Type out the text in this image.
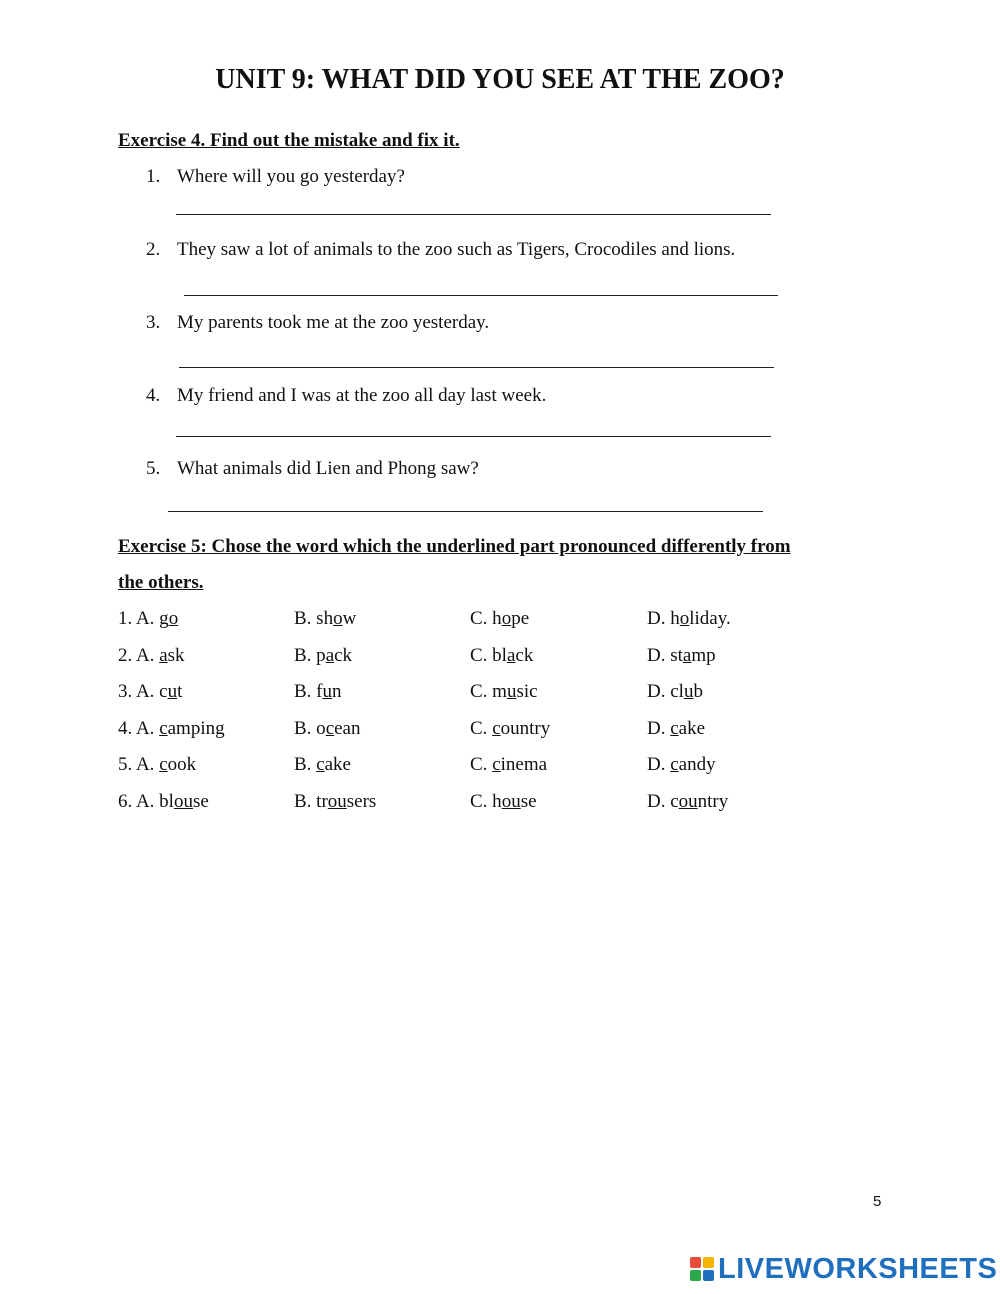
UNIT 9: WHAT DID YOU SEE AT THE ZOO?
Exercise 4. Find out the mistake and fix it.
1. Where will you go yesterday?
2. They saw a lot of animals to the zoo such as Tigers, Crocodiles and lions.
3. My parents took me at the zoo yesterday.
4. My friend and I was at the zoo all day last week.
5. What animals did Lien and Phong saw?
Exercise 5: Chose the word which the underlined part pronounced differently from
the others.
1. A. go	B. show	C. hope	D. holiday.
2. A. ask	B. pack	C. black	D. stamp
3. A. cut	B. fun	C. music	D. club
4. A. camping	B. ocean	C. country	D. cake
5. A. cook	B. cake	C. cinema	D. candy
6. A. blouse	B. trousers	C. house	D. country
5
LIVEWORKSHEETS
